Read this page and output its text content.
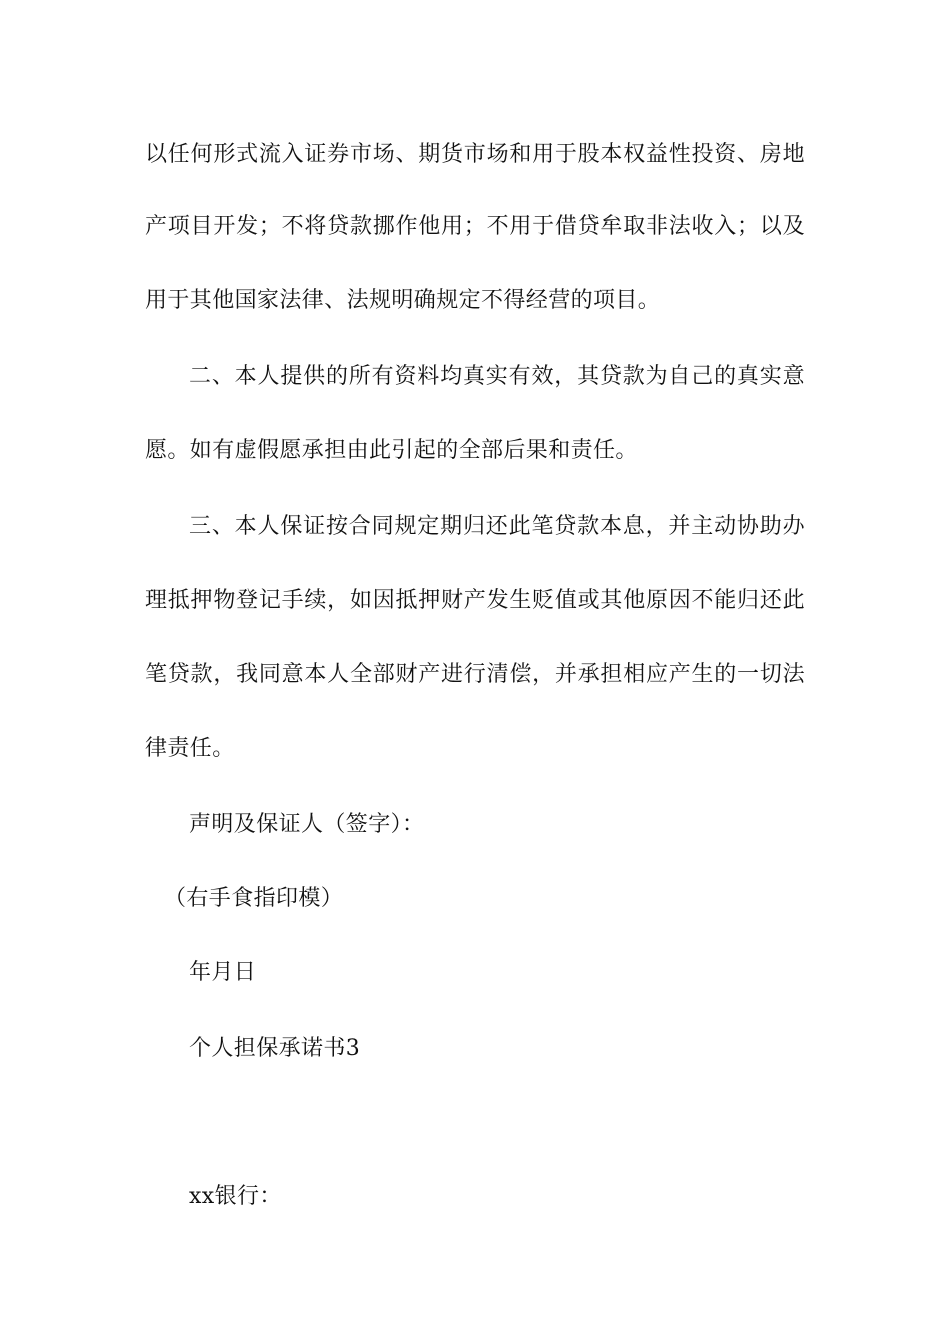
以任何形式流入证券市场、期货市场和用于股本权益性投资、房地
产项目开发；不将贷款挪作他用；不用于借贷牟取非法收入；以及
用于其他国家法律、法规明确规定不得经营的项目。
二、本人提供的所有资料均真实有效，其贷款为自己的真实意
愿。如有虚假愿承担由此引起的全部后果和责任。
三、本人保证按合同规定期归还此笔贷款本息，并主动协助办
理抵押物登记手续，如因抵押财产发生贬值或其他原因不能归还此
笔贷款，我同意本人全部财产进行清偿，并承担相应产生的一切法
律责任。
声明及保证人（签字）：
（右手食指印模）
年月日
个人担保承诺书3
xx银行：
